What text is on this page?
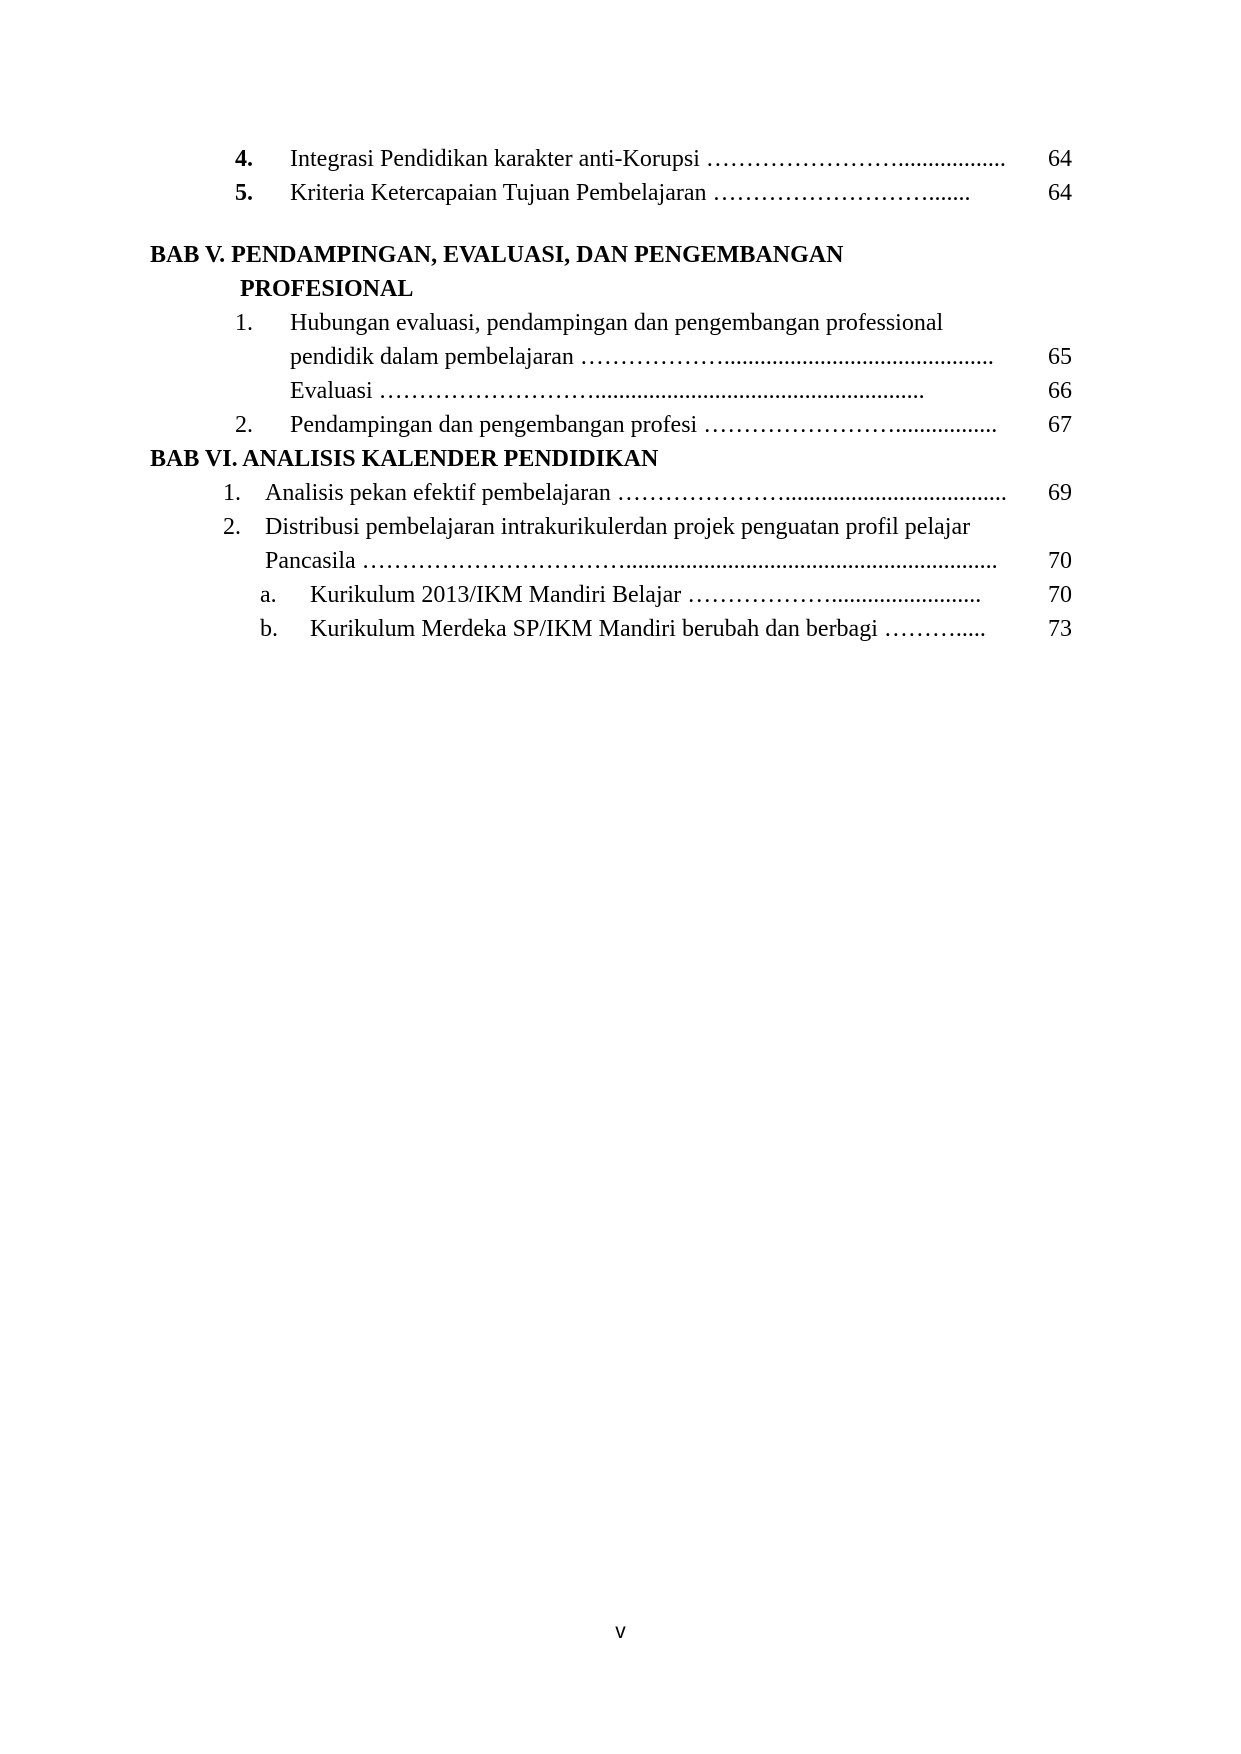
4. Integrasi Pendidikan karakter anti-Korupsi ……………………..................	64
5. Kriteria Ketercapaian Tujuan Pembelajaran ……………………….......	64
BAB V. PENDAMPINGAN, EVALUASI, DAN PENGEMBANGAN
PROFESIONAL
1. Hubungan evaluasi, pendampingan dan pengembangan professional
pendidik dalam pembelajaran ……………….............................................	65
Evaluasi ……………………….......................................................	66
2. Pendampingan dan pengembangan profesi …………………….................	67
BAB VI. ANALISIS KALENDER PENDIDIKAN
1. Analisis pekan efektif pembelajaran ………………….....................................	69
2. Distribusi pembelajaran intrakurikulerdan projek penguatan profil pelajar
Pancasila ……………………………..............................................................	70
a. Kurikulum 2013/IKM Mandiri Belajar ……………….........................	70
b. Kurikulum Merdeka SP/IKM Mandiri berubah dan berbagi ……….....	73
v
